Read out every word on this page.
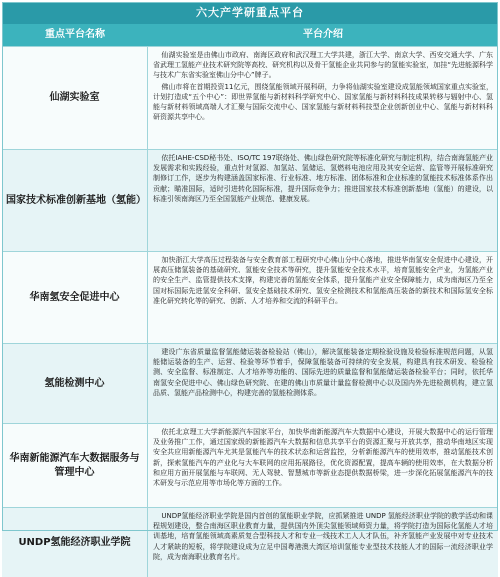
六大产学研重点平台
重点平台名称	平台介绍
仙湖实验室

仙湖实验室是由佛山市政府、南海区政府和武汉理工大学共建，浙江大学、南京大学、西安交通大学、广东省武理工氢能产业技术研究院等高校、研究机构以及骨干氢能企业共同参与的氢能实验室，加挂“先进能源科学与技术广东省实验室佛山分中心”牌子。

佛山市将在首期投资11亿元，围绕氢能领域开展科研，力争将仙湖实验室建设成氢能领域国家重点实验室，计划打造成“五个中心”：即世界氢能与新材料科学研究中心、国家氢能与新材料科技成果转移与辐射中心、氢能与新材料领域高端人才汇聚与国际交流中心、国家氢能与新材料科技型企业创新创业中心、氢能与新材料科研资源共享中心。

国家技术标准创新基地（氢能）

依托IAHE-CSD秘书处、ISO/TC 197联络处、佛山绿色研究院等标准化研究与制定机构，结合南海氢能产业发展需求和实践经验，重点针对氢源、加氢站、氢储运、氢燃料电池应用及其安全运营、监管等开展标准研究制修订工作，逐步为构建涵盖国家标准、行业标准、地方标准、团体标准和企业标准的氢能技术标准体系作出贡献；瞄准国际，适时引进转化国际标准，提升国际竞争力；推进国家技术标准创新基地（氢能）的建设，以标准引领南海区乃至全国氢能产业规范、健康发展。

华南氢安全促进中心

加快浙江大学高压过程装备与安全教育部工程研究中心佛山分中心落地，推进华南氢安全促进中心建设，开展高压储氢装备的基础研究、氢能安全技术等研究，提升氢能安全技术水平，培育氢能安全产业，为氢能产业的安全生产、监管提供技术支撑，构建完善的氢能安全体系，提升氢能产业安全保障能力，成为南海区乃至全国对标国际先进氢安全科研、氢安全基础技术研究、氢安全检测技术和氢能高压装备的新技术和国际氢安全标准化研究转化等的研究、创新、人才培养和交流的科研平台。

氢能检测中心

建设广东省质量监督氢能储运装备检验站（佛山），解决氢能装备定期检验设施及检验标准规范问题，从氢能储运装备的生产、运营、检验等环节着手，保障氢能装备可持续的安全发展，构建具有技术研发、检验检测、安全监督、标准制定、人才培养等功能的、国际先进的质量监督和氢能储运装备检验平台；同时，依托华南氢安全促进中心、佛山绿色研究院、在建的佛山市质量计量监督检测中心以及国内外先进检测机构，建立氢品质、氢能产品检测中心，构建完善的氢能检测体系。

华南新能源汽车大数据服务与管理中心

依托北京理工大学新能源汽车国家平台，加快华南新能源汽车大数据中心建设，开展大数据中心的运行管理及业务推广工作，通过国家级的新能源汽车大数据和信息共享平台的资源汇聚与开放共享，推动华南地区实现安全共应用新能源汽车尤其是氢能汽车的技术状态和运营监控，分析新能源汽车的使用效率，推动氢能技术创新，探索氢能汽车的产业化与大车联网的应用拓展路径，优化资源配置，提高车辆的使用效率，在大数据分析和应用方面开展氢能与车联网、无人驾驶、智慧城市等新业态提供数据桥梁，进一步深化拓展氢能源汽车的技术研发与示范应用等市场化等方面的工作。

UNDP氢能经济职业学院

UNDP氢能经济职业学院是国内首创的氢能职业学院，应抓紧推进 UNDP 氢能经济职业学院的教学活动和课程规划建设，整合南海区职业教育力量，提供国内外顶尖氢能领域师资力量，将学院打造为国际化氢能人才培训基地，培育氢能领域高素质复合型科技人才和专业一线技术工人人才队伍，补齐氢能产业发展中对专业技术人才紧缺的短板，将学院建设成为立足中国粤港澳大湾区培训氢能专业型技术技能人才的国际一流经济职业学院，成为南海职业教育名片。
